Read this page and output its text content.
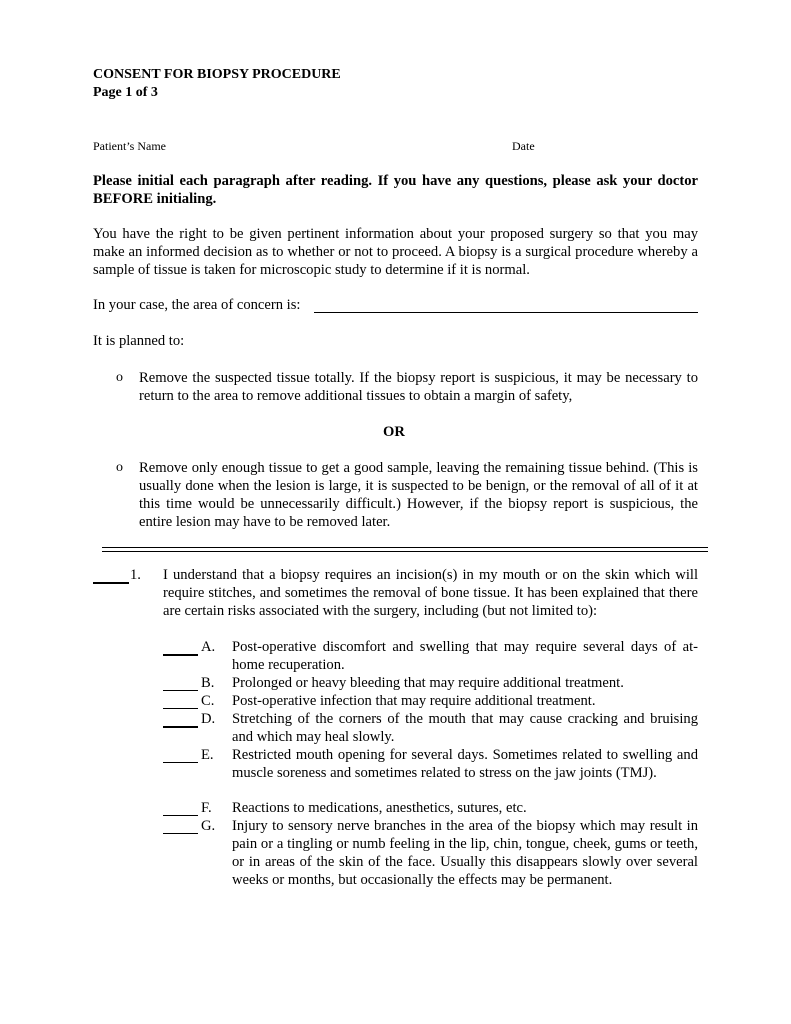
CONSENT FOR BIOPSY PROCEDURE
Page 1 of 3
Patient’s Name	Date
Please initial each paragraph after reading. If you have any questions, please ask your doctor BEFORE initialing.
You have the right to be given pertinent information about your proposed surgery so that you may make an informed decision as to whether or not to proceed. A biopsy is a surgical procedure whereby a sample of tissue is taken for microscopic study to determine if it is normal.
In your case, the area of concern is:
It is planned to:
o Remove the suspected tissue totally. If the biopsy report is suspicious, it may be necessary to return to the area to remove additional tissues to obtain a margin of safety,
OR
o Remove only enough tissue to get a good sample, leaving the remaining tissue behind. (This is usually done when the lesion is large, it is suspected to be benign, or the removal of all of it at this time would be unnecessarily difficult.) However, if the biopsy report is suspicious, the entire lesion may have to be removed later.
1. I understand that a biopsy requires an incision(s) in my mouth or on the skin which will require stitches, and sometimes the removal of bone tissue. It has been explained that there are certain risks associated with the surgery, including (but not limited to):
A. Post-operative discomfort and swelling that may require several days of at-home recuperation.
B. Prolonged or heavy bleeding that may require additional treatment.
C. Post-operative infection that may require additional treatment.
D. Stretching of the corners of the mouth that may cause cracking and bruising and which may heal slowly.
E. Restricted mouth opening for several days. Sometimes related to swelling and muscle soreness and sometimes related to stress on the jaw joints (TMJ).
F. Reactions to medications, anesthetics, sutures, etc.
G. Injury to sensory nerve branches in the area of the biopsy which may result in pain or a tingling or numb feeling in the lip, chin, tongue, cheek, gums or teeth, or in areas of the skin of the face. Usually this disappears slowly over several weeks or months, but occasionally the effects may be permanent.
